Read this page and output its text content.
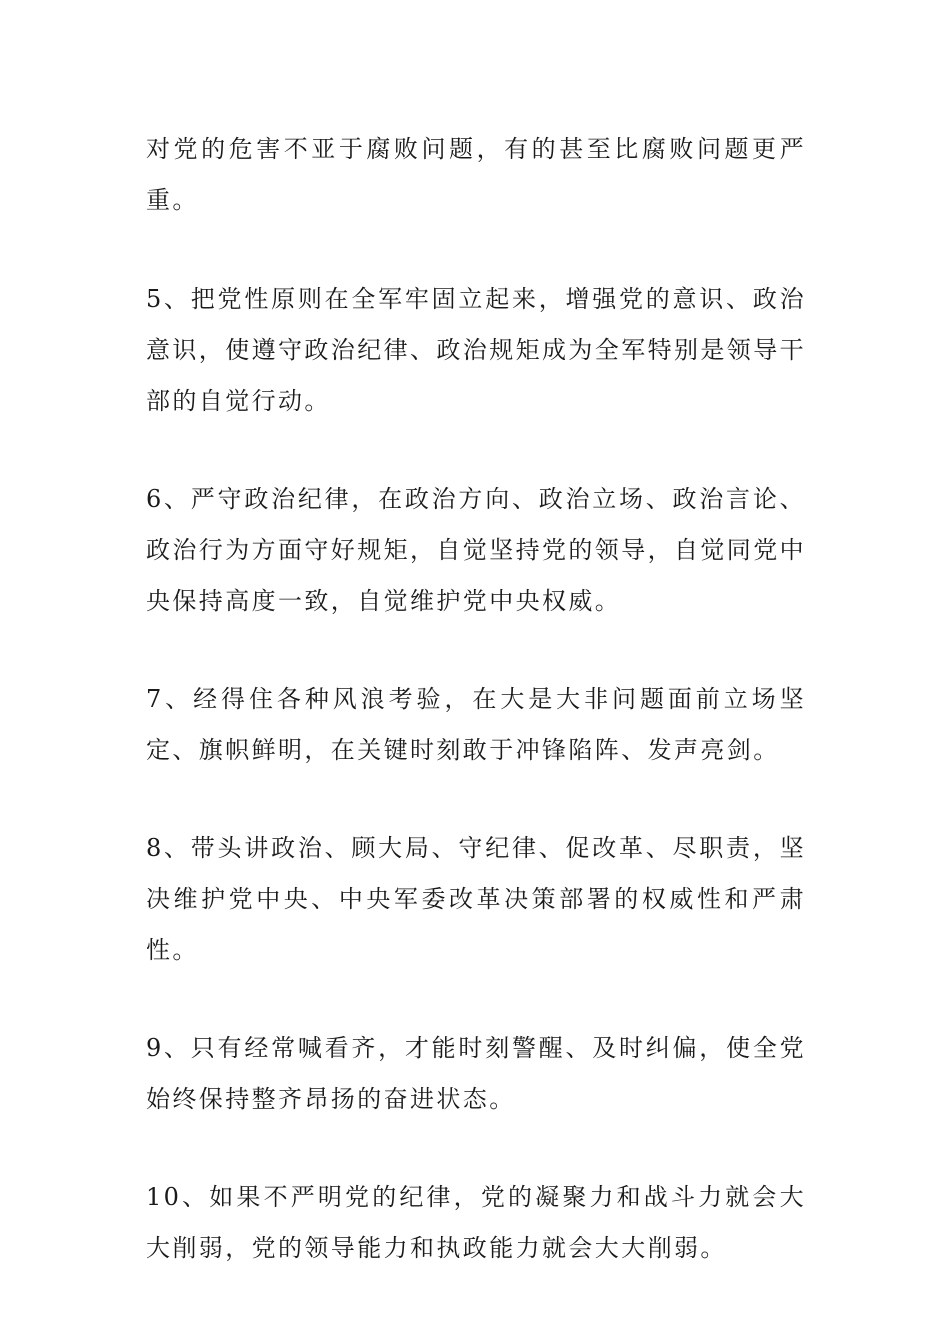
对党的危害不亚于腐败问题，有的甚至比腐败问题更严重。

5、把党性原则在全军牢固立起来，增强党的意识、政治意识，使遵守政治纪律、政治规矩成为全军特别是领导干部的自觉行动。

6、严守政治纪律，在政治方向、政治立场、政治言论、政治行为方面守好规矩，自觉坚持党的领导，自觉同党中央保持高度一致，自觉维护党中央权威。

7、经得住各种风浪考验，在大是大非问题面前立场坚定、旗帜鲜明，在关键时刻敢于冲锋陷阵、发声亮剑。

8、带头讲政治、顾大局、守纪律、促改革、尽职责，坚决维护党中央、中央军委改革决策部署的权威性和严肃性。

9、只有经常喊看齐，才能时刻警醒、及时纠偏，使全党始终保持整齐昂扬的奋进状态。

10、如果不严明党的纪律，党的凝聚力和战斗力就会大大削弱，党的领导能力和执政能力就会大大削弱。
